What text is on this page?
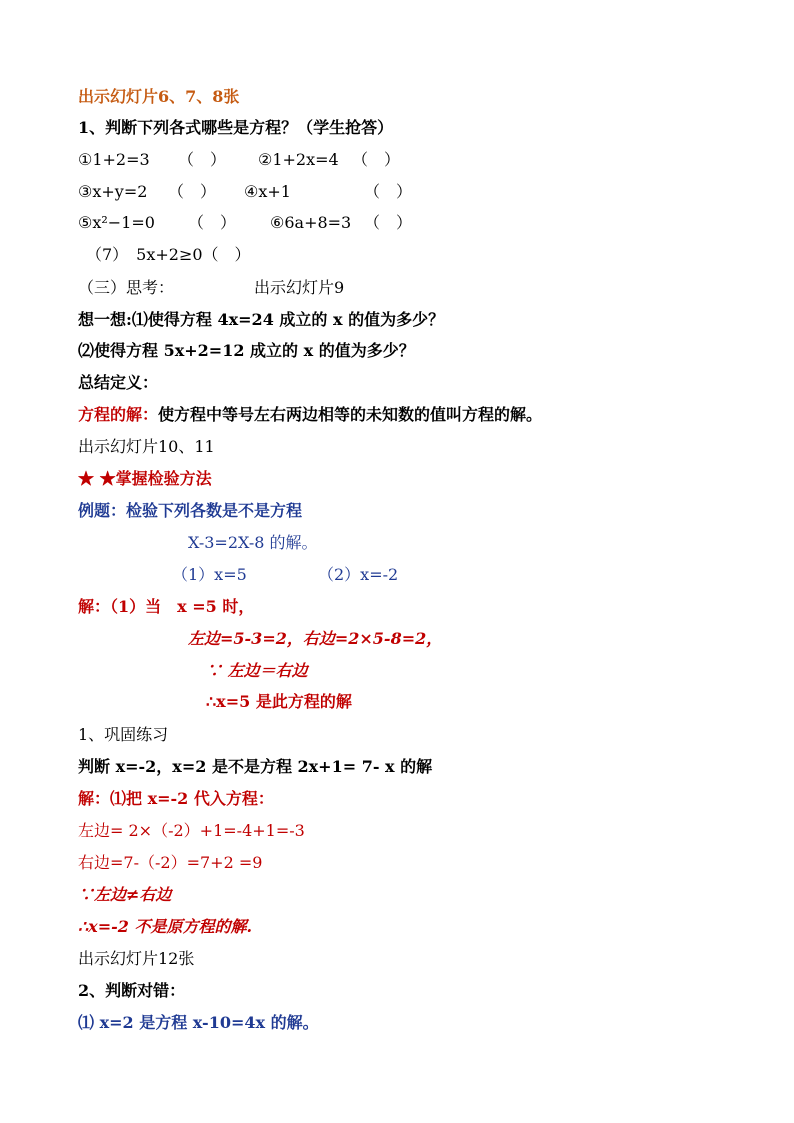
出示幻灯片6、7、8张
1、判断下列各式哪些是方程？（学生抢答）
①1+2=3 （　） ②1+2x=4 （　）
③x+y=2 （　） ④x+1	（　）
⑤x²−1=0 （　） ⑥6a+8=3 （　）
（7）　5x+2≥0（　）
（三）思考：	出示幻灯片9
想一想:⑴使得方程 4x=24 成立的 x 的值为多少？
⑵使得方程 5x+2=12 成立的 x 的值为多少？
总结定义：
方程的解：使方程中等号左右两边相等的未知数的值叫方程的解。
出示幻灯片10、11
★ ★掌握检验方法
例题：检验下列各数是不是方程
X-3=2X-8 的解。
（1）x=5	（2）x=-2
解：（1）当　x =5 时，
左边=5-3=2，右边=2×5-8=2，
∵ 左边＝右边
∴x=5 是此方程的解
1、巩固练习
判断 x=-2，x=2 是不是方程 2x+1= 7- x 的解
解：⑴把 x=-2 代入方程：
左边= 2×（-2）+1=-4+1=-3
右边=7-（-2）=7+2 =9
∵左边≠右边
∴x=-2 不是原方程的解.
出示幻灯片12张
2、判断对错：
⑴ x=2 是方程 x-10=4x 的解。
